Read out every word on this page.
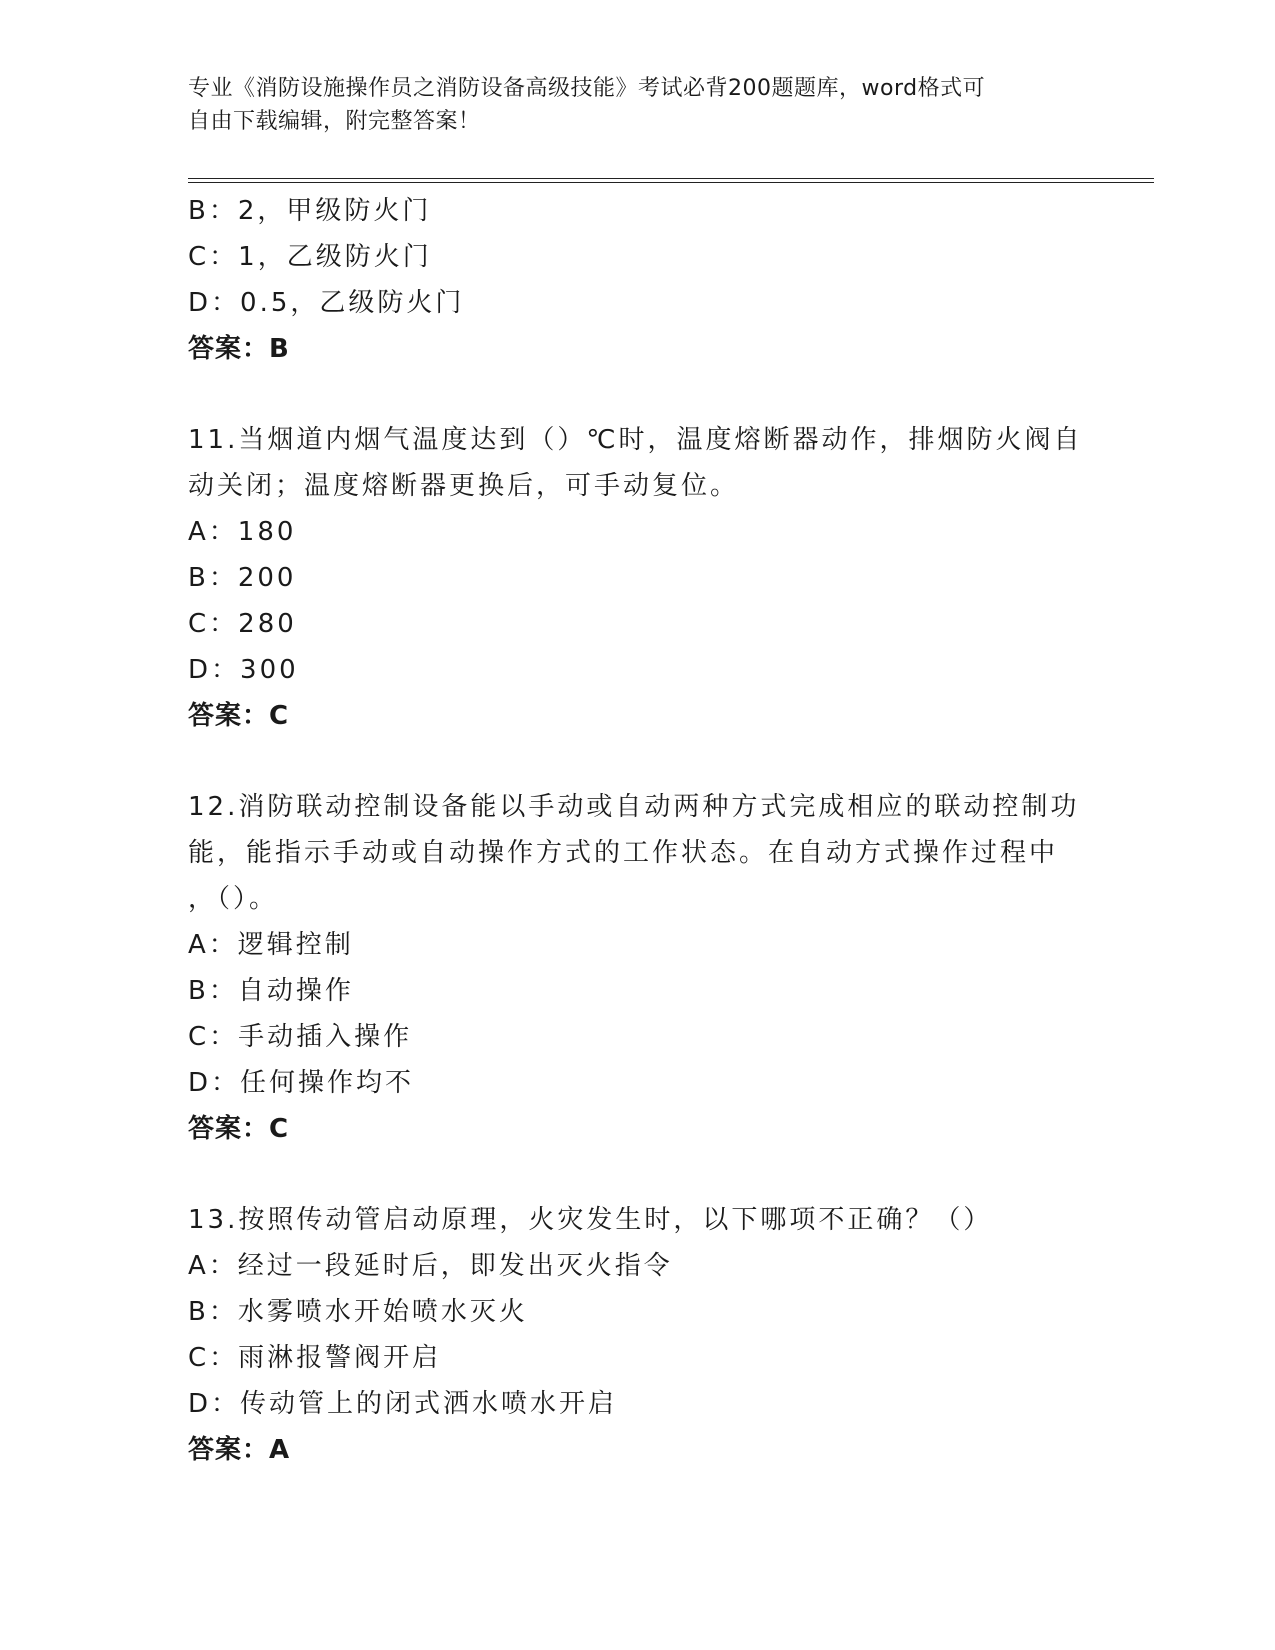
专业《消防设施操作员之消防设备高级技能》考试必背200题题库，word格式可
自由下载编辑，附完整答案！
B：2，甲级防火门
C：1，乙级防火门
D：0.5，乙级防火门
答案：B
11.当烟道内烟气温度达到（）℃时，温度熔断器动作，排烟防火阀自
动关闭；温度熔断器更换后，可手动复位。
A：180
B：200
C：280
D：300
答案：C
12.消防联动控制设备能以手动或自动两种方式完成相应的联动控制功
能，能指示手动或自动操作方式的工作状态。在自动方式操作过程中
，（）。
A：逻辑控制
B：自动操作
C：手动插入操作
D：任何操作均不
答案：C
13.按照传动管启动原理，火灾发生时，以下哪项不正确？（）
A：经过一段延时后，即发出灭火指令
B：水雾喷水开始喷水灭火
C：雨淋报警阀开启
D：传动管上的闭式洒水喷水开启
答案：A
